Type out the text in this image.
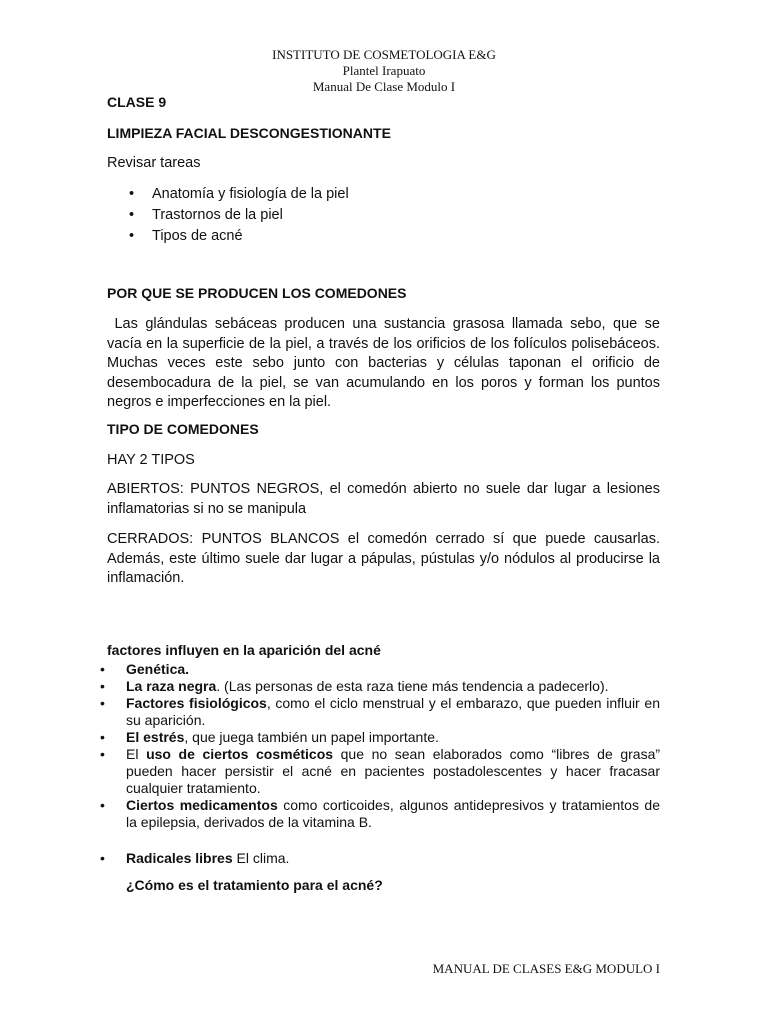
INSTITUTO DE COSMETOLOGIA E&G
Plantel Irapuato
Manual De Clase Modulo I
CLASE 9
LIMPIEZA FACIAL DESCONGESTIONANTE
Revisar tareas
• Anatomía y fisiología de la piel
• Trastornos de la piel
• Tipos de acné
POR QUE SE PRODUCEN LOS COMEDONES
Las glándulas sebáceas producen una sustancia grasosa llamada sebo, que se vacía en la superficie de la piel, a través de los orificios de los folículos polisebáceos. Muchas veces este sebo junto con bacterias y células taponan el orificio de desembocadura de la piel, se van acumulando en los poros y forman los puntos negros e imperfecciones en la piel.
TIPO DE COMEDONES
HAY 2 TIPOS
ABIERTOS: PUNTOS NEGROS, el comedón abierto no suele dar lugar a lesiones inflamatorias si no se manipula
CERRADOS: PUNTOS BLANCOS el comedón cerrado sí que puede causarlas. Además, este último suele dar lugar a pápulas, pústulas y/o nódulos al producirse la inflamación.
factores influyen en la aparición del acné
• Genética.
• La raza negra. (Las personas de esta raza tiene más tendencia a padecerlo).
• Factores fisiológicos, como el ciclo menstrual y el embarazo, que pueden influir en su aparición.
• El estrés, que juega también un papel importante.
• El uso de ciertos cosméticos que no sean elaborados como “libres de grasa” pueden hacer persistir el acné en pacientes postadolescentes y hacer fracasar cualquier tratamiento.
• Ciertos medicamentos como corticoides, algunos antidepresivos y tratamientos de la epilepsia, derivados de la vitamina B.
• Radicales libres El clima.
¿Cómo es el tratamiento para el acné?
MANUAL DE CLASES E&G MODULO I
